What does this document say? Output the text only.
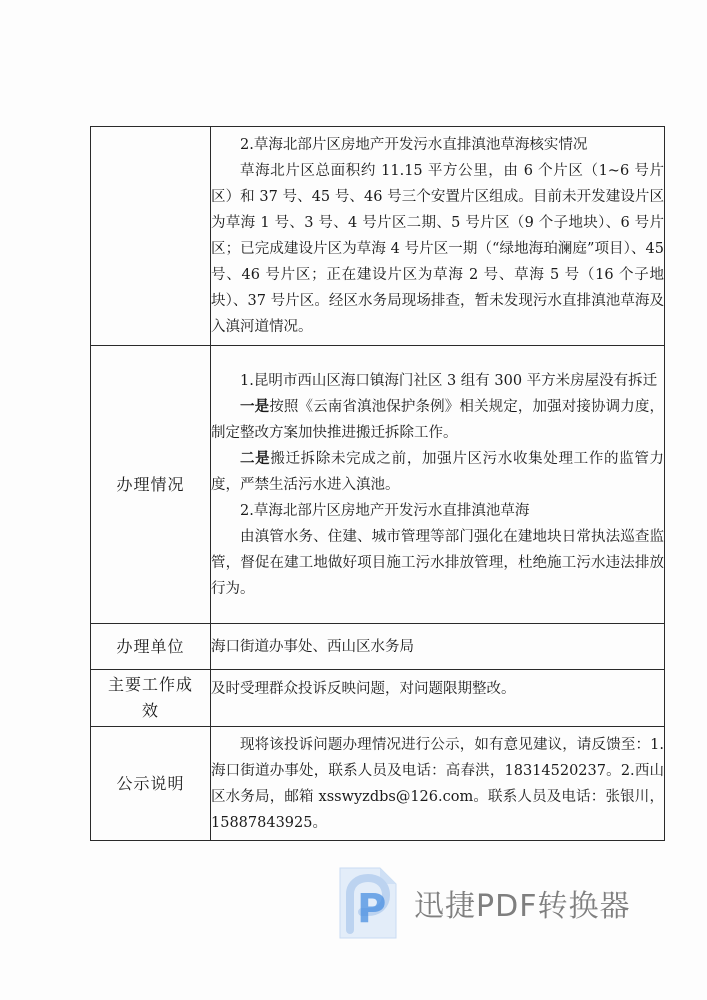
	2.草海北部片区房地产开发污水直排滇池草海核实情况

草海北片区总面积约 11.15 平方公里，由 6 个片区（1~6 号片区）和 37 号、45 号、46 号三个安置片区组成。目前未开发建设片区为草海 1 号、3 号、4 号片区二期、5 号片区（9 个子地块）、6 号片区；已完成建设片区为草海 4 号片区一期（“绿地海珀澜庭”项目）、45 号、46 号片区；正在建设片区为草海 2 号、草海 5 号（16 个子地块）、37 号片区。经区水务局现场排查，暂未发现污水直排滇池草海及入滇河道情况。

办理情况	1.昆明市西山区海口镇海门社区 3 组有 300 平方米房屋没有拆迁

一是按照《云南省滇池保护条例》相关规定，加强对接协调力度，制定整改方案加快推进搬迁拆除工作。

二是搬迁拆除未完成之前，加强片区污水收集处理工作的监管力度，严禁生活污水进入滇池。

2.草海北部片区房地产开发污水直排滇池草海

由滇管水务、住建、城市管理等部门强化在建地块日常执法巡查监管，督促在建工地做好项目施工污水排放管理，杜绝施工污水违法排放行为。

办理单位	海口街道办事处、西山区水务局
主要工作成效	及时受理群众投诉反映问题，对问题限期整改。
公示说明	现将该投诉问题办理情况进行公示，如有意见建议，请反馈至：1.海口街道办事处，联系人员及电话：高春洪，18314520237。2.西山区水务局，邮箱 xsswyzdbs@126.com。联系人员及电话：张银川，15887843925。
P 迅捷PDF转换器
